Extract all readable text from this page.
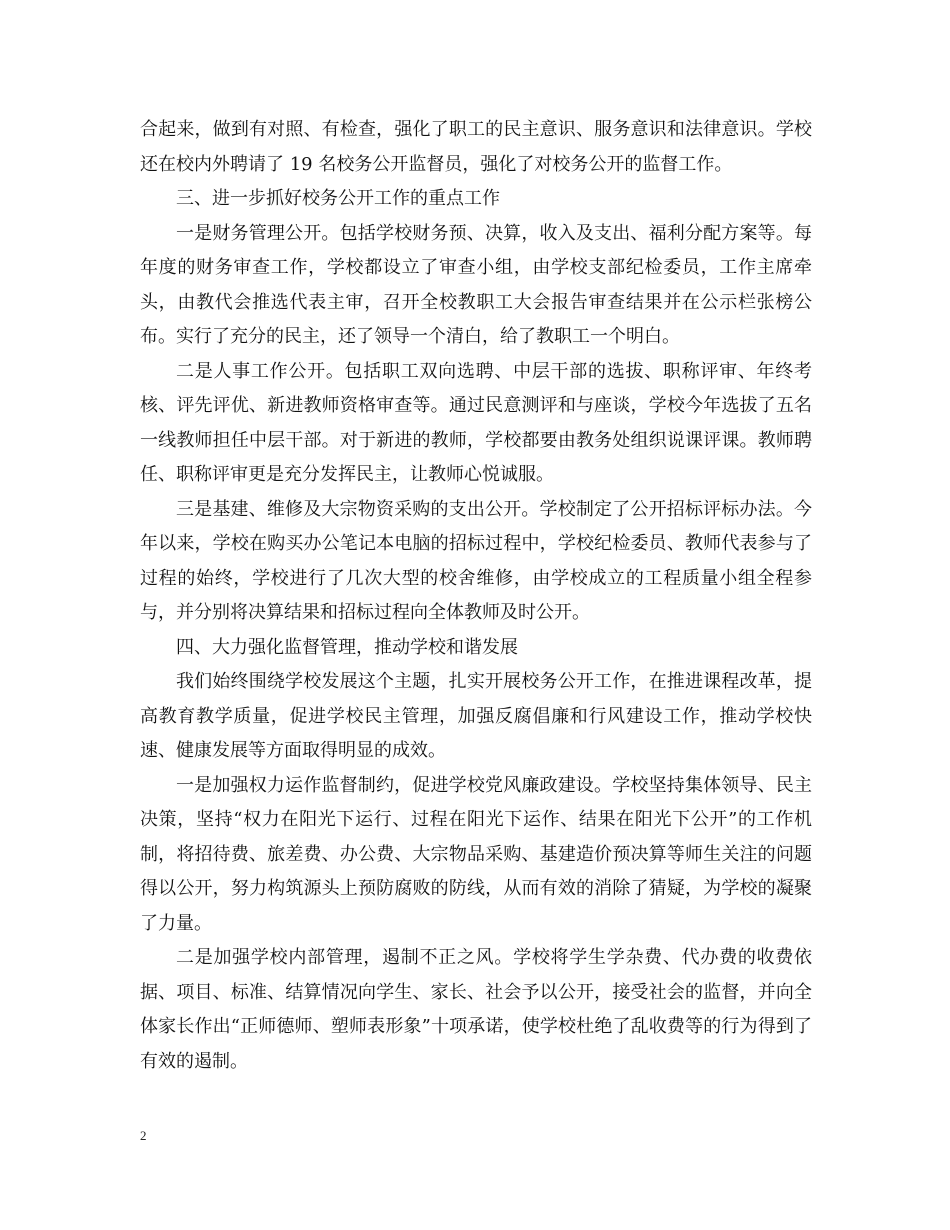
合起来，做到有对照、有检查，强化了职工的民主意识、服务意识和法律意识。学校还在校内外聘请了 19 名校务公开监督员，强化了对校务公开的监督工作。

三、进一步抓好校务公开工作的重点工作

一是财务管理公开。包括学校财务预、决算，收入及支出、福利分配方案等。每年度的财务审查工作，学校都设立了审查小组，由学校支部纪检委员，工作主席牵头，由教代会推选代表主审，召开全校教职工大会报告审查结果并在公示栏张榜公布。实行了充分的民主，还了领导一个清白，给了教职工一个明白。

二是人事工作公开。包括职工双向选聘、中层干部的选拔、职称评审、年终考核、评先评优、新进教师资格审查等。通过民意测评和与座谈，学校今年选拔了五名一线教师担任中层干部。对于新进的教师，学校都要由教务处组织说课评课。教师聘任、职称评审更是充分发挥民主，让教师心悦诚服。

三是基建、维修及大宗物资采购的支出公开。学校制定了公开招标评标办法。今年以来，学校在购买办公笔记本电脑的招标过程中，学校纪检委员、教师代表参与了过程的始终，学校进行了几次大型的校舍维修，由学校成立的工程质量小组全程参与，并分别将决算结果和招标过程向全体教师及时公开。

四、大力强化监督管理，推动学校和谐发展

我们始终围绕学校发展这个主题，扎实开展校务公开工作，在推进课程改革，提高教育教学质量，促进学校民主管理，加强反腐倡廉和行风建设工作，推动学校快速、健康发展等方面取得明显的成效。

一是加强权力运作监督制约，促进学校党风廉政建设。学校坚持集体领导、民主决策，坚持“权力在阳光下运行、过程在阳光下运作、结果在阳光下公开”的工作机制，将招待费、旅差费、办公费、大宗物品采购、基建造价预决算等师生关注的问题得以公开，努力构筑源头上预防腐败的防线，从而有效的消除了猜疑，为学校的凝聚了力量。

二是加强学校内部管理，遏制不正之风。学校将学生学杂费、代办费的收费依据、项目、标准、结算情况向学生、家长、社会予以公开，接受社会的监督，并向全体家长作出“正师德师、塑师表形象”十项承诺，使学校杜绝了乱收费等的行为得到了有效的遏制。

2
